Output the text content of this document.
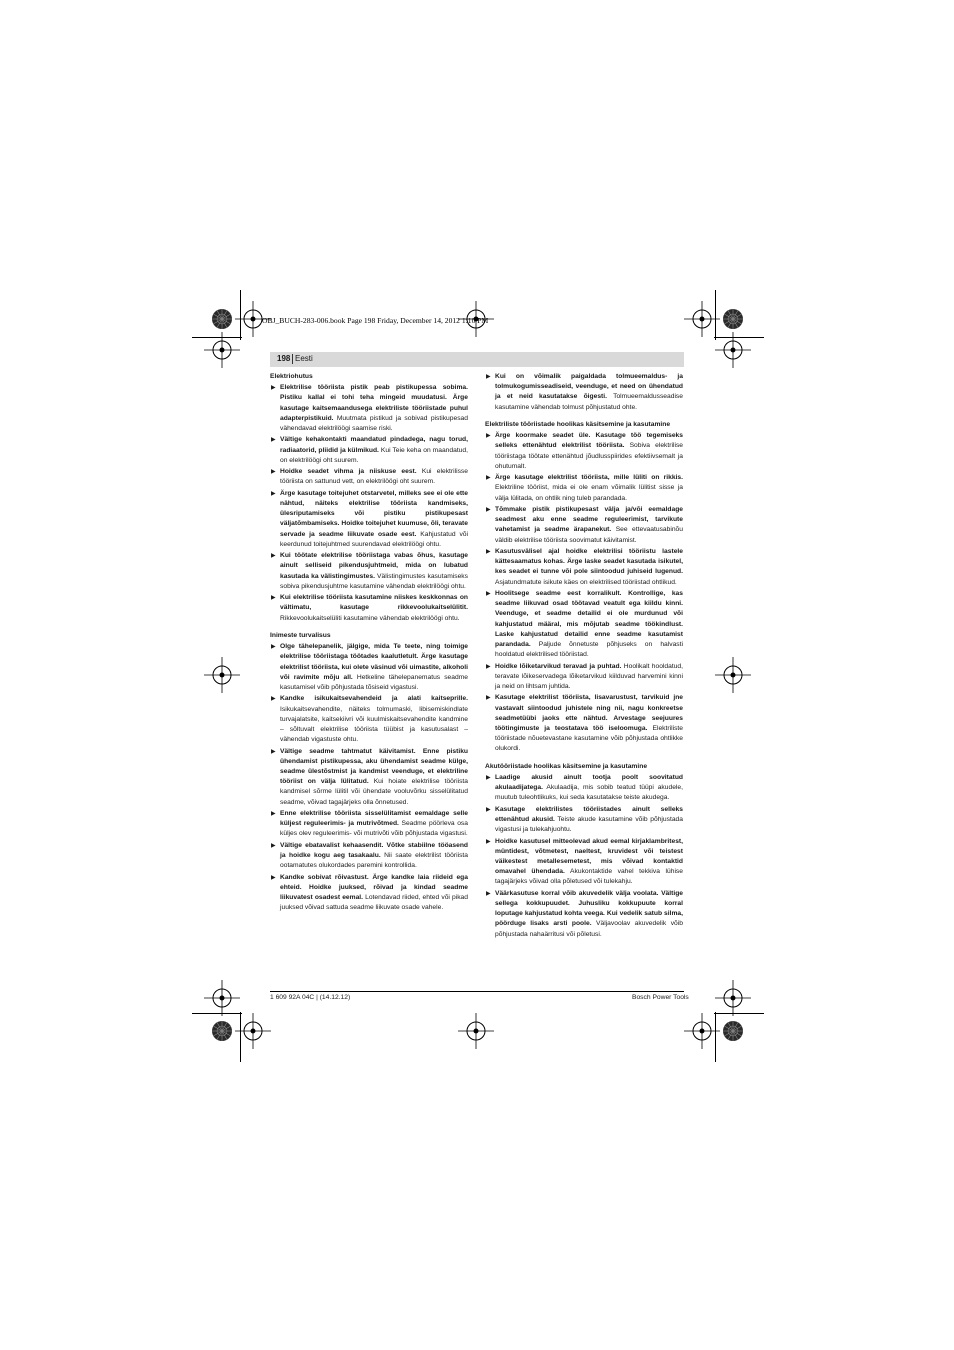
OBJ_BUCH-283-006.book Page 198 Friday, December 14, 2012 1:10 PM
198 Eesti
Elektriohutus
▶ Elektrilise tööriista pistik peab pistikupessa sobima. Pistiku kallal ei tohi teha mingeid muudatusi. Ärge kasutage kaitsemaandusega elektriliste tööriistade puhul adapterpistikuid. Muutmata pistikud ja sobivad pistikupesad vähendavad elektrilöögi saamise riski.
▶ Vältige kehakontakti maandatud pindadega, nagu torud, radiaatorid, pliidid ja külmikud. Kui Teie keha on maandatud, on elektrilöögi oht suurem.
▶ Hoidke seadet vihma ja niiskuse eest. Kui elektrilisse tööriista on sattunud vett, on elektrilöögi oht suurem.
▶ Ärge kasutage toitejuhet otstarvetel, milleks see ei ole ette nähtud, näiteks elektrilise tööriista kandmiseks, ülesriputamiseks või pistiku pistikupesast väljatõmbamiseks. Hoidke toitejuhet kuumuse, õli, teravate servade ja seadme liikuvate osade eest. Kahjustatud või keerdunud toitejuhtmed suurendavad elektrilöögi ohtu.
▶ Kui töötate elektrilise tööriistaga vabas õhus, kasutage ainult selliseid pikendusjuhtmeid, mida on lubatud kasutada ka välistingimustes. Välistingimustes kasutamiseks sobiva pikendusjuhtme kasutamine vähendab elektrilöögi ohtu.
▶ Kui elektrilise tööriista kasutamine niiskes keskkonnas on vältimatu, kasutage rikkevoolukaitselülitit. Rikkevoolukaitselüliti kasutamine vähendab elektrilöögi ohtu.
Inimeste turvalisus
▶ Olge tähelepanelik, jälgige, mida Te teete, ning toimige elektrilise tööriistaga töötades kaalutletult. Ärge kasutage elektrilist tööriista, kui olete väsinud või uimastite, alkoholi või ravimite mõju all. Hetkeline tähelepanematus seadme kasutamisel võib põhjustada tõsiseid vigastusi.
▶ Kandke isikukaitsevahendeid ja alati kaitseprille. Isikukaitsevahendite, näiteks tolmumaski, libisemiskindlate turvajalatsite, kaitsekiivri või kuulmiskaitsevahendite kandmine – sõltuvalt elektrilise tööriista tüübist ja kasutusalast – vähendab vigastuste ohtu.
▶ Vältige seadme tahtmatut käivitamist. Enne pistiku ühendamist pistikupessa, aku ühendamist seadme külge, seadme ülestõstmist ja kandmist veenduge, et elektriline tööriist on välja lülitatud. Kui hoiate elektrilise tööriista kandmisel sõrme lülitil või ühendate vooluvõrku sisselülitatud seadme, võivad tagajärjeks olla õnnetused.
▶ Enne elektrilise tööriista sisselülitamist eemaldage selle küljest reguleerimis- ja mutrivõtmed. Seadme pöörleva osa küljes olev reguleerimis- või mutrivõti võib põhjustada vigastusi.
▶ Vältige ebatavalist kehaasendit. Võtke stabiilne tööasend ja hoidke kogu aeg tasakaalu. Nii saate elektrilist tööriista ootamatutes olukordades paremini kontrollida.
▶ Kandke sobivat rõivastust. Ärge kandke laia riideid ega ehteid. Hoidke juuksed, rõivad ja kindad seadme liikuvatest osadest eemal. Lotendavad riided, ehted või pikad juuksed võivad sattuda seadme liikuvate osade vahele.
▶ Kui on võimalik paigaldada tolmueemaldus- ja tolmukogumisseadiseid, veenduge, et need on ühendatud ja et neid kasutatakse õigesti. Tolmueemaldusseadise kasutamine vähendab tolmust põhjustatud ohte.
Elektriliste tööriistade hoolikas käsitsemine ja kasutamine
▶ Ärge koormake seadet üle. Kasutage töö tegemiseks selleks ettenähtud elektrilist tööriista. Sobiva elektrilise tööriistaga töötate ettenähtud jõudlusspiirides efektiivsemalt ja ohutumalt.
▶ Ärge kasutage elektrilist tööriista, mille lüliti on rikkis. Elektriline tööriist, mida ei ole enam võimalik lülitist sisse ja välja lülitada, on ohtlik ning tuleb parandada.
▶ Tõmmake pistik pistikupesast välja ja/või eemaldage seadmest aku enne seadme reguleerimist, tarvikute vahetamist ja seadme ärapanekut. See ettevaatusabinõu väldib elektrilise tööriista soovimatut käivitamist.
▶ Kasutusvälisel ajal hoidke elektrilisi tööriistu lastele kättesaamatus kohas. Ärge laske seadet kasutada isikutel, kes seadet ei tunne või pole siintoodud juhiseid lugenud. Asjatundmatute isikute käes on elektrilised tööriistad ohtlikud.
▶ Hoolitsege seadme eest korralikult. Kontrollige, kas seadme liikuvad osad töötavad veatult ega kiildu kinni. Veenduge, et seadme detailid ei ole murdunud või kahjustatud määral, mis mõjutab seadme töökindlust. Laske kahjustatud detailid enne seadme kasutamist parandada. Paljude õnnetuste põhjuseks on halvasti hooldatud elektrilised tööriistad.
▶ Hoidke lõiketarvikud teravad ja puhtad. Hoolikalt hooldatud, teravate lõikeservadega lõiketarvikud kiilduvad harvemini kinni ja neid on lihtsam juhtida.
▶ Kasutage elektrilist tööriista, lisavarustust, tarvikuid jne vastavalt siintoodud juhistele ning nii, nagu konkreetse seadmetüübi jaoks ette nähtud. Arvestage seejuures töötingimuste ja teostatava töö iseloomuga. Elektriliste tööriistade nõuetevastane kasutamine võib põhjustada ohtlikke olukordi.
Akutööriistade hoolikas käsitsemine ja kasutamine
▶ Laadige akusid ainult tootja poolt soovitatud akulaadijatega. Akulaadija, mis sobib teatud tüüpi akudele, muutub tuleohtlikuks, kui seda kasutatakse teiste akudega.
▶ Kasutage elektrilistes tööriistades ainult selleks ettenähtud akusid. Teiste akude kasutamine võib põhjustada vigastusi ja tulekahjuohtu.
▶ Hoidke kasutusel mitteolevad akud eemal kirjaklambritest, müntidest, võtmetest, naeltest, kruvidest või teistest väikestest metallesemetest, mis võivad kontaktid omavahel ühendada. Akukontaktide vahel tekkiva lühise tagajärjeks võivad olla põletused või tulekahju.
▶ Väärkasutuse korral võib akuvedelik välja voolata. Vältige sellega kokkupuudet. Juhusliku kokkupuute korral loputage kahjustatud kohta veega. Kui vedelik satub silma, pöörduge lisaks arsti poole. Väljavoolav akuvedelik võib põhjustada nahaärritusi või põletusi.
1 609 92A 04C | (14.12.12)	Bosch Power Tools
